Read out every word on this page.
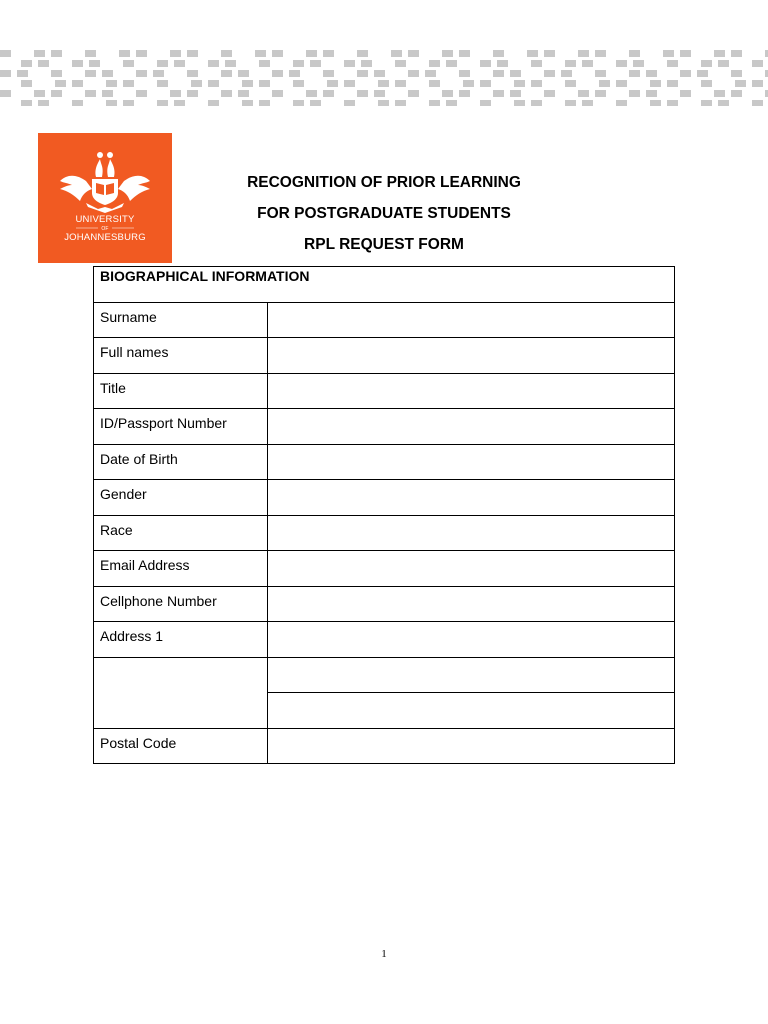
UNIVERSITY
OF
JOHANNESBURG
RECOGNITION OF PRIOR LEARNING
FOR POSTGRADUATE STUDENTS
RPL REQUEST FORM
BIOGRAPHICAL INFORMATION	
Surname	
Full names	
Title	
ID/Passport Number	
Date of Birth	
Gender	
Race	
Email Address	
Cellphone Number	
Address 1	

Postal Code	
1
